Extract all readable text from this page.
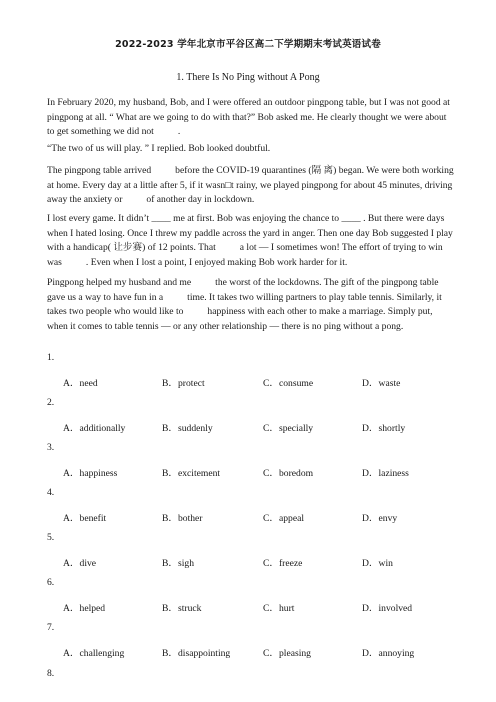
2022-2023 学年北京市平谷区高二下学期期末考试英语试卷
1. There Is No Ping without A Pong

In February 2020, my husband, Bob, and I were offered an outdoor pingpong table, but I was not good at pingpong at all. “ What are we going to do with that?” Bob asked me. He clearly thought we were about to get something we did not	.

“The two of us will play. ” I replied. Bob looked doubtful.

The pingpong table arrived	before the COVID-19 quarantines (隔 离) began. We were both working at home. Every day at a little after 5, if it wasn□t rainy, we played pingpong for about 45 minutes, driving away the anxiety or	of another day in lockdown.

I lost every game. It didn’t ____ me at first. Bob was enjoying the chance to ____ . But there were days when I hated losing. Once I threw my paddle across the yard in anger. Then one day Bob suggested I play with a handicap( 让步赛) of 12 points. That	a lot — I sometimes won! The effort of trying to win was	. Even when I lost a point, I enjoyed making Bob work harder for it.

Pingpong helped my husband and me	the worst of the lockdowns. The gift of the pingpong table gave us a way to have fun in a	time. It takes two willing partners to play table tennis. Similarly, it takes two people who would like to	happiness with each other to make a marriage. Simply put, when it comes to table tennis — or any other relationship — there is no ping without a pong.

1.
A．need	B．protect	C．consume	D．waste
2.
A．additionally	B．suddenly	C．specially	D．shortly
3.
A．happiness	B．excitement	C．boredom	D．laziness
4.
A．benefit	B．bother	C．appeal	D．envy
5.
A．dive	B．sigh	C．freeze	D．win
6.
A．helped	B．struck	C．hurt	D．involved
7.
A．challenging	B．disappointing	C．pleasing	D．annoying
8.
